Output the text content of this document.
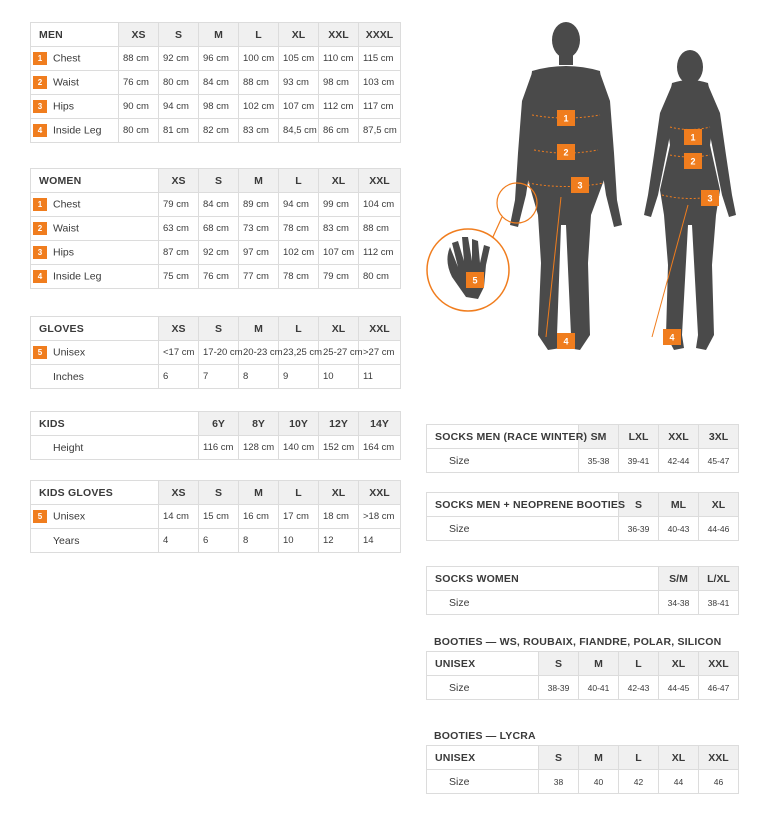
MEN	XS	S	M	L	XL	XXL	XXXL
1 Chest	88 cm	92 cm	96 cm	100 cm	105 cm	110 cm	115 cm
2 Waist	76 cm	80 cm	84 cm	88 cm	93 cm	98 cm	103 cm
3 Hips	90 cm	94 cm	98 cm	102 cm	107 cm	112 cm	117 cm
4 Inside Leg	80 cm	81 cm	82 cm	83 cm	84,5 cm	86 cm	87,5 cm
WOMEN	XS	S	M	L	XL	XXL
1 Chest	79 cm	84 cm	89 cm	94 cm	99 cm	104 cm
2 Waist	63 cm	68 cm	73 cm	78 cm	83 cm	88 cm
3 Hips	87 cm	92 cm	97 cm	102 cm	107 cm	112 cm
4 Inside Leg	75 cm	76 cm	77 cm	78 cm	79 cm	80 cm
GLOVES	XS	S	M	L	XL	XXL
5 Unisex	<17 cm	17-20 cm	20-23 cm	23,25 cm	25-27 cm	>27 cm
Inches	6	7	8	9	10	11
KIDS	6Y	8Y	10Y	12Y	14Y
Height	116 cm	128 cm	140 cm	152 cm	164 cm
KIDS GLOVES	XS	S	M	L	XL	XXL
5 Unisex	14 cm	15 cm	16 cm	17 cm	18 cm	>18 cm
Years	4	6	8	10	12	14
SOCKS MEN (RACE WINTER)	SM	LXL	XXL	3XL
Size	35-38	39-41	42-44	45-47
SOCKS MEN + NEOPRENE BOOTIES	S	ML	XL
Size	36-39	40-43	44-46
SOCKS WOMEN	S/M	L/XL
Size	34-38	38-41
BOOTIES — WS, ROUBAIX, FIANDRE, POLAR, SILICON
UNISEX	S	M	L	XL	XXL
Size	38-39	40-41	42-43	44-45	46-47
BOOTIES — LYCRA
UNISEX	S	M	L	XL	XXL
Size	38	40	42	44	46
1
2
3
4
1
2
3
4
5
